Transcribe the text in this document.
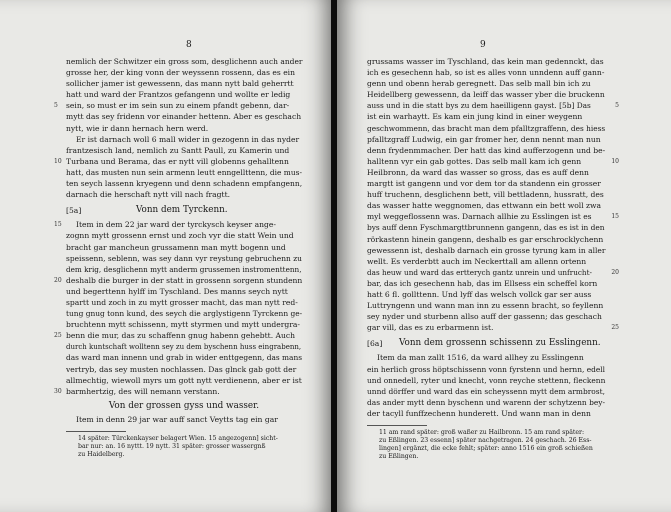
8
nemlich der Schwitzer ein gross som, desglichenn auch ander
grosse her, der king vonn der weyssenn rossenn, das es ein
sollicher jamer ist gewessenn, das mann nytt bald geherrtt
hatt und ward der Frantzos gefangenn und wollte er ledig
5 sein, so must er im sein sun zu einem pfandt gebenn, dar-
mytt das sey fridenn vor einander hettenn. Aber es geschach
nytt, wie ir dann hernach hern werd.
Er ist darnach woll 6 mall wider in gezogenn in das nyder
frantzesisch land, nemlich zu Santt Paull, zu Kamerin und
10 Turbana und Berama, das er nytt vill globenns gehalltenn
hatt, das musten nun sein armenn leutt enngellttenn, die mus-
ten seych lassenn kryegenn und denn schadenn empfangenn,
darnach die herschaft nytt vill nach fragtt.
[5a]	Vonn dem Tyrckenn.
15 Item in dem 22 jar ward der tyrckysch keyser ange-
zognn mytt grossenn ernst und zoch vyr die statt Wein und
bracht gar mancheun grussamenn man mytt bogenn und
speissenn, seblenn, was sey dann vyr reystung gebruchenn zu
dem krig, desglichenn mytt anderm grussemen instromenttenn,
20 deshalb die burger in der statt in grossenn sorgenn stundenn
und begerttenn hylff im Tyschland. Des manns seych nytt
spartt und zoch in zu mytt grosser macht, das man nytt red-
tung gnug tonn kund, des seych die arglystigenn Tyrckenn ge-
bruchtenn mytt schissenn, mytt styrmen und mytt undergra-
25 benn die mur, das zu schaffenn gnug habenn gehebtt. Auch
durch kuntschaft wolltenn sey zu dem byschenn huss eingrabenn,
das ward man innenn und grab in wider enttgegenn, das mans
vertryb, das sey musten nochlassen. Das glnck gab gott der
allmechtig, wiewoll myrs um gott nytt verdienenn, aber er ist
30 barmhertzig, des will nemann verstann.
Von der grossen gyss und wasser.
Item in denn 29 jar war auff sanct Veytts tag ein gar
14 später: Türckenkayser belagert Wien. 15 angezogenn] sicht-
bar nur: an. 16 nyttt. 19 nytt. 31 später: grosser wassergnß
zu Haidelberg.
9
grussams wasser im Tyschland, das kein man gedennckt, das
ich es gesechenn hab, so ist es alles vonn unndenn auff gann-
genn und obenn herab geregnett. Das selb mall bin ich zu
Heidellberg gewessenn, da leiff das wasser yber die bruckenn
5
auss und in die statt bys zu dem haeilligenn gayst. [5b] Das
ist ein warhaytt. Es kam ein jung kind in einer weygenn
geschwommenn, das bracht man dem pfalltzgraffenn, des hiess
pfalltzgraff Ludwig, ein gar fromer her, denn nennt man nun
denn frydenmmacher. Der hatt das kind aufferzogenn und be-
10
halltenn vyr ein gab gottes. Das selb mall kam ich genn
Heilbronn, da ward das wasser so gross, das es auff denn
margtt ist gangenn und vor dem tor da standenn ein grosser
huff truchenn, desglichenn bett, vill bettladenn, hussratt, des
das wasser hatte weggnomen, das ettwann ein bett woll zwa
15
myl weggeflossenn was. Darnach allhie zu Esslingen ist es
bys auff denn Fyschmargttbrunnenn gangenn, das es ist in den
rörkastenn hinein gangenn, deshalb es gar erschrocklychenn
gewessenn ist, deshalb darnach ein grosse tyrung kam in aller
wellt. Es verderbtt auch im Neckerttall am allenn ortenn
20
das heuw und ward das ertterych gantz unrein und unfrucht-
bar, das ich gesechenn hab, das im Ellsess ein scheffel korn
hatt 6 fl. gollttenn. Und lyff das welsch vollck gar ser auss
Luttryngenn und wann man inn zu essenn bracht, so feyllenn
sey nyder und sturbenn allso auff der gassenn; das geschach
25
gar vill, das es zu erbarmenn ist.
[6a] Vonn dem grossenn schissenn zu Esslingenn.
Item da man zallt 1516, da ward allhey zu Esslingenn
ein herlich gross höptschissenn vonn fyrstenn und hernn, edell
und onnedell, ryter und knecht, vonn reyche stettenn, fleckenn
unnd dörffer und ward das ein scheyssenn mytt dem armbrost,
das ander mytt denn byschenn und warenn der schytzenn bey-
der tacyll funffzechenn hunderett. Und wann man in denn
11 am rand später: groß waßer zu Hailbronn. 15 am rand später:
zu Eßlingen. 23 essenn] später nachgetragen. 24 geschach. 26 Ess-
lingen] ergänzt, die ecke fehlt; später: anno 1516 ein groß schießen
zu Eßlingen.
